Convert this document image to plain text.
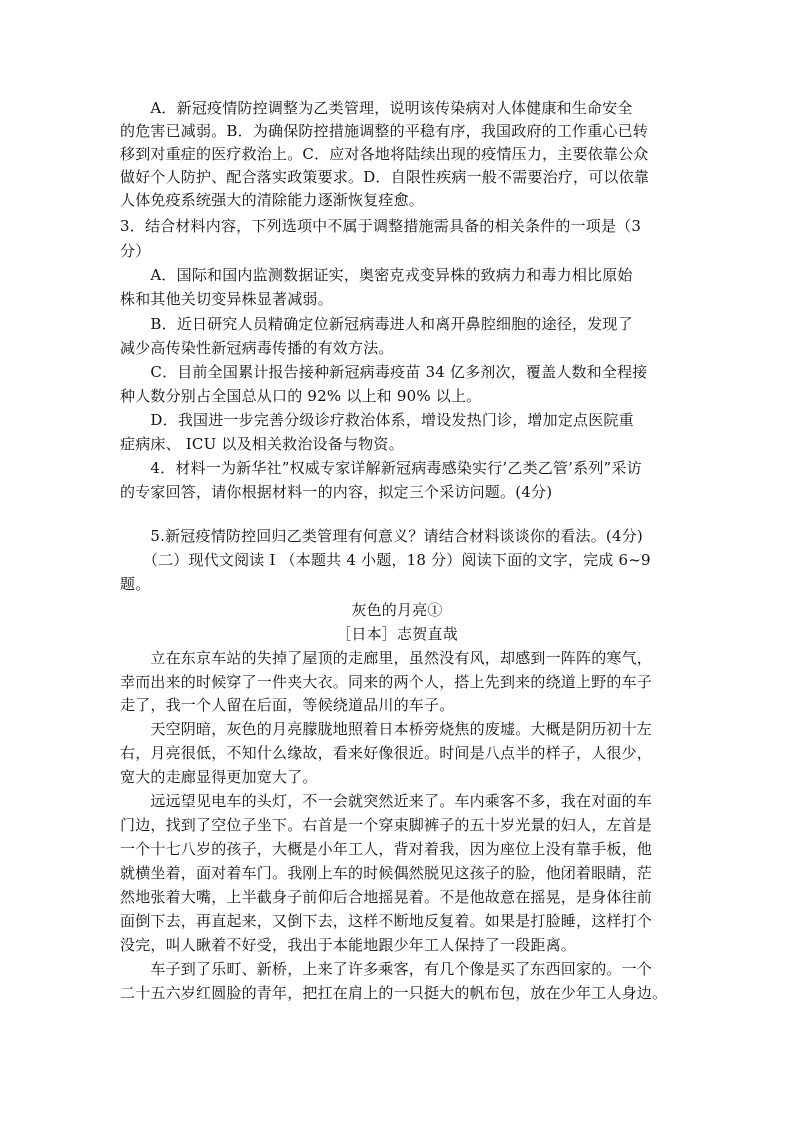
　　A．新冠疫情防控调整为乙类管理，说明该传染病对人体健康和生命安全
的危害已减弱。B．为确保防控措施调整的平稳有序，我国政府的工作重心已转
移到对重症的医疗救治上。C．应对各地将陆续出现的疫情压力，主要依靠公众
做好个人防护、配合落实政策要求。D．自限性疾病一般不需要治疗，可以依靠
人体免疫系统强大的清除能力逐渐恢复痊愈。
3．结合材料内容，下列选项中不属于调整措施需具备的相关条件的一项是（3
分）
　　A．国际和国内监测数据证实，奥密克戎变异株的致病力和毒力相比原始
株和其他关切变异株显著减弱。
　　B．近日研究人员精确定位新冠病毒进人和离开鼻腔细胞的途径，发现了
减少高传染性新冠病毒传播的有效方法。
　　C．目前全国累计报告接种新冠病毒疫苗 34 亿多剂次，覆盖人数和全程接
种人数分别占全国总从口的 92% 以上和 90% 以上。
　　D．我国进一步完善分级诊疗救治体系，增设发热门诊，增加定点医院重
症病床、 ICU 以及相关救治设备与物资。
　　4．材料一为新华社”权威专家详解新冠病毒感染实行’乙类乙管’系列”采访
的专家回答，请你根据材料一的内容，拟定三个采访问题。(4分)
　　5.新冠疫情防控回归乙类管理有何意义？请结合材料谈谈你的看法。(4分)
　　（二）现代文阅读 I （本题共 4 小题，18 分）阅读下面的文字，完成 6~9
题。
灰色的月亮①
［日本］志贺直哉
　　立在东京车站的失掉了屋顶的走廊里，虽然没有风，却感到一阵阵的寒气，
幸而出来的时候穿了一件夹大衣。同来的两个人，搭上先到来的绕道上野的车子
走了，我一个人留在后面，等候绕道品川的车子。
　　天空阴暗，灰色的月亮朦胧地照着日本桥旁烧焦的废墟。大概是阴历初十左
右，月亮很低，不知什么缘故，看来好像很近。时间是八点半的样子，人很少，
宽大的走廊显得更加宽大了。
　　远远望见电车的头灯，不一会就突然近来了。车内乘客不多，我在对面的车
门边，找到了空位子坐下。右首是一个穿束脚裤子的五十岁光景的妇人，左首是
一个十七八岁的孩子，大概是小年工人，背对着我，因为座位上没有靠手板，他
就横坐着，面对着车门。我刚上车的时候偶然脱见这孩子的脸，他闭着眼睛，茫
然地张着大嘴，上半截身子前仰后合地摇晃着。不是他故意在摇晃，是身体往前
面倒下去，再直起来，又倒下去，这样不断地反复着。如果是打脸睡，这样打个
没完，叫人瞅着不好受，我出于本能地跟少年工人保持了一段距离。
　　车子到了乐町、新桥，上来了许多乘客，有几个像是买了东西回家的。一个
二十五六岁红圆脸的青年，把扛在肩上的一只挺大的帆布包，放在少年工人身边。
